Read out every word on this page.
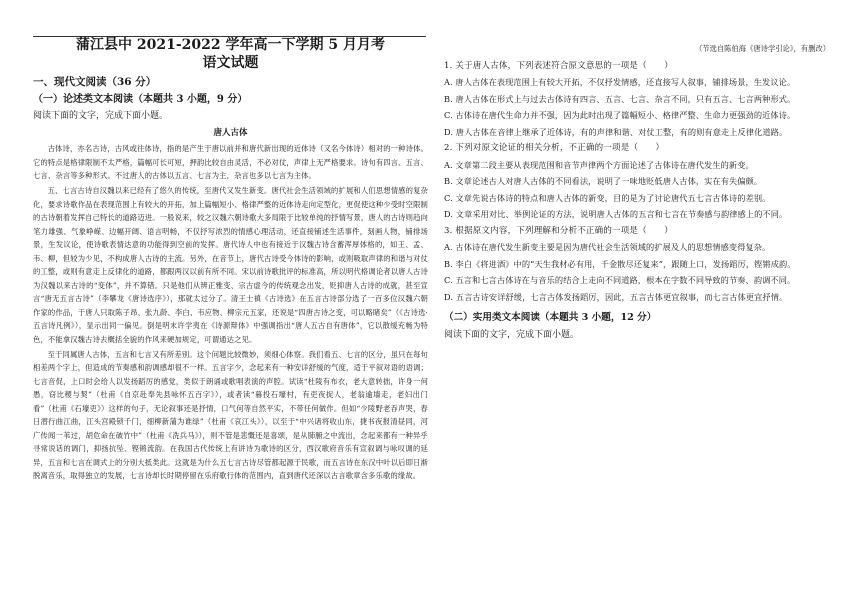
蒲江县中 2021-2022 学年高一下学期 5 月月考
语文试题
一、现代文阅读（36 分）
（一）论述类文本阅读（本题共 3 小题，9 分）
阅读下面的文字，完成下面小题。
唐人古体

古体诗，亦名古诗，古风或往体诗，指的是产生于唐以前并和唐代新出现的近体诗（又名今体诗）相对的一种诗体。它的特点是格律限制不太严格，篇幅可长可短，押韵比较自由灵活，不必对仗，声律上无严格要求。诗句有四言、五言、七言、杂言等多种形式。不过唐人的古体以五言、七言为主，杂言也多以七言为主体。

五、七言古诗自汉魏以来已经有了悠久的传统，至唐代又发生新变。唐代社会生活领域的扩展和人们思想情感的复杂化，要求诗歌作品在表现范围上有较大的开拓，加上篇幅短小、格律严整的近体诗走向定型化，更促使这种少受时空限制的古诗朝着发挥自己特长的道路迈进。一般说来，较之汉魏六朝诗歌大多局限于比较单纯的抒情写景，唐人的古诗则趋向笔力雄强、气象峥嵘、边幅开阔、语言明畅，不仅抒写浓烈的情感心理活动，还直接铺述生活事件，刻画人物，铺排场景，生发议论，使诗歌表情达意的功能得到空前的发挥。唐代诗人中也有接近于汉魏古诗含蓄浑厚体格的，如王、孟、韦、柳，但较为少见，不构成唐人古诗的主流。另外，在音节上，唐代古诗受今体诗的影响，或则吸取声律的和谐与对仗的工整，或则有意走上反律化的道路，都跟两汉以前有所不同。宋以前诗歌批评的标准高，所以明代格调论者以唐人古诗为汉魏以来古诗的“变体”，并不算错。只是他们从辨正雅变、宗古虚今的传统观念出发，贬抑唐人古诗的成就，甚至宣言“唐无五言古诗”（李攀龙《唐诗选序》），那就太过分了。清王士禛《古诗选》在五言古诗部分选了一百多位汉魏六朝作家的作品，于唐人只取陈子昂、张九龄、李白、韦应物、柳宗元五家，还说是“四唐古诗之变，可以略睹矣”（《古诗选·五言诗凡例》），显示出同一偏见。倒是明末许学夷在《诗源辩体》中强调指出“唐人五古自有唐体”，它以散缓充畅为特色，不能拿汉魏古诗去概括全貌的作风来硬加规定，可谓通达之见。

至于同属唐人古体，五言和七言又有所差别。这个问题比较微妙，须细心体察。我们看五、七言的区分，虽只在每句相差两个字上，但造成的节奏感和韵调感却很不一样。五言字少，念起来有一种安详舒缓的气度，适于平叙对语的语调；七言音促，上口时会给人以发扬蹈厉的感觉，类似于朗诵或歌唱表演的声腔。试读“杜陵有布衣，老大意转拙，许身一何愚，窃比稷与契”（杜甫《自京赴奉先县咏怀五百字》），或者读“暮投石壕村，有吏夜捉人，老翁逾墙走，老妇出门看”（杜甫《石壕吏》）这样的句子，无论叙事还是抒情，口气何等自然平实，不带任何做作。但如“少陵野老吞声哭，春日潜行曲江曲，江头宫殿锁千门，细柳新蒲为谁绿”（杜甫《哀江头》），以至于“中兴诸将收山东，捷书夜报清昼同，河广传闻一苇过，胡危命在破竹中”（杜甫《洗兵马》），则不管是悲慨还是喜颂，是从肺腑之中流出，念起来都有一种异乎寻常说话的调门，抑扬抗坠、铿锵流韵。在我国古代传统上有讲诗为歌诗的区分，西汉歌府音乐有宣叙调与咏叹调的延异，五言和七言在调式上的分别大抵类此。这就是为什么五七言古诗尽管都起源于民歌，而五言诗在东汉中叶以后即日渐脱离音乐，取得独立的发展，七言诗却长时期停留在乐府歌行体的范围内，直到唐代还深以古言歌章含多乐歌的缘故。

（节选自陈伯海《唐诗学引论》，有删改）
1. 关于唐人古体，下列表述符合原文意思的一项是（　　）
A. 唐人古体在表现范围上有较大开拓，不仅抒发情感，还直接写人叙事，铺排场景，生发议论。
B. 唐人古体在形式上与过去古体诗有四言、五言、七言、杂言不同，只有五言、七言两种形式。
C. 古体诗在唐代生命力并不强，因为此时出现了篇幅短小、格律严整、生命力更强劲的近体诗。
D. 唐人古体在音律上继承了近体诗，有的声律和谐、对仗工整，有的则有意走上反律化道路。
2. 下列对原文论证的相关分析，不正确的一项是（　　）
A. 文章第二段主要从表现范围和音节声律两个方面论述了古体诗在唐代发生的新变。
B. 文章论述古人对唐人古体的不同看法，说明了一味地贬低唐人古体，实在有失偏颇。
C. 文章先说古体诗的特点和唐人古体的新变，目的是为了讨论唐代五七言古体诗的差别。
D. 文章采用对比、举例论证的方法，说明唐人古体的五言和七言在节奏感与韵律感上的不同。
3. 根据原文内容，下列理解和分析不正确的一项是（　　）
A. 古体诗在唐代发生新变主要是因为唐代社会生活领域的扩展及人的思想情感变得复杂。
B. 李白《将进酒》中的“天生我材必有用，千金散尽还复来”，跟随上口，发扬蹈厉，铿锵成韵。
C. 五言和七言古体诗在与音乐的结合上走向不同道路，根本在字数不同导致的节奏、韵调不同。
D. 五言古诗安详舒缓，七言古体发扬蹈厉，因此，五言古体更宜叙事，而七言古体更宜抒情。
（二）实用类文本阅读（本题共 3 小题，12 分）
阅读下面的文字，完成下面小题。
